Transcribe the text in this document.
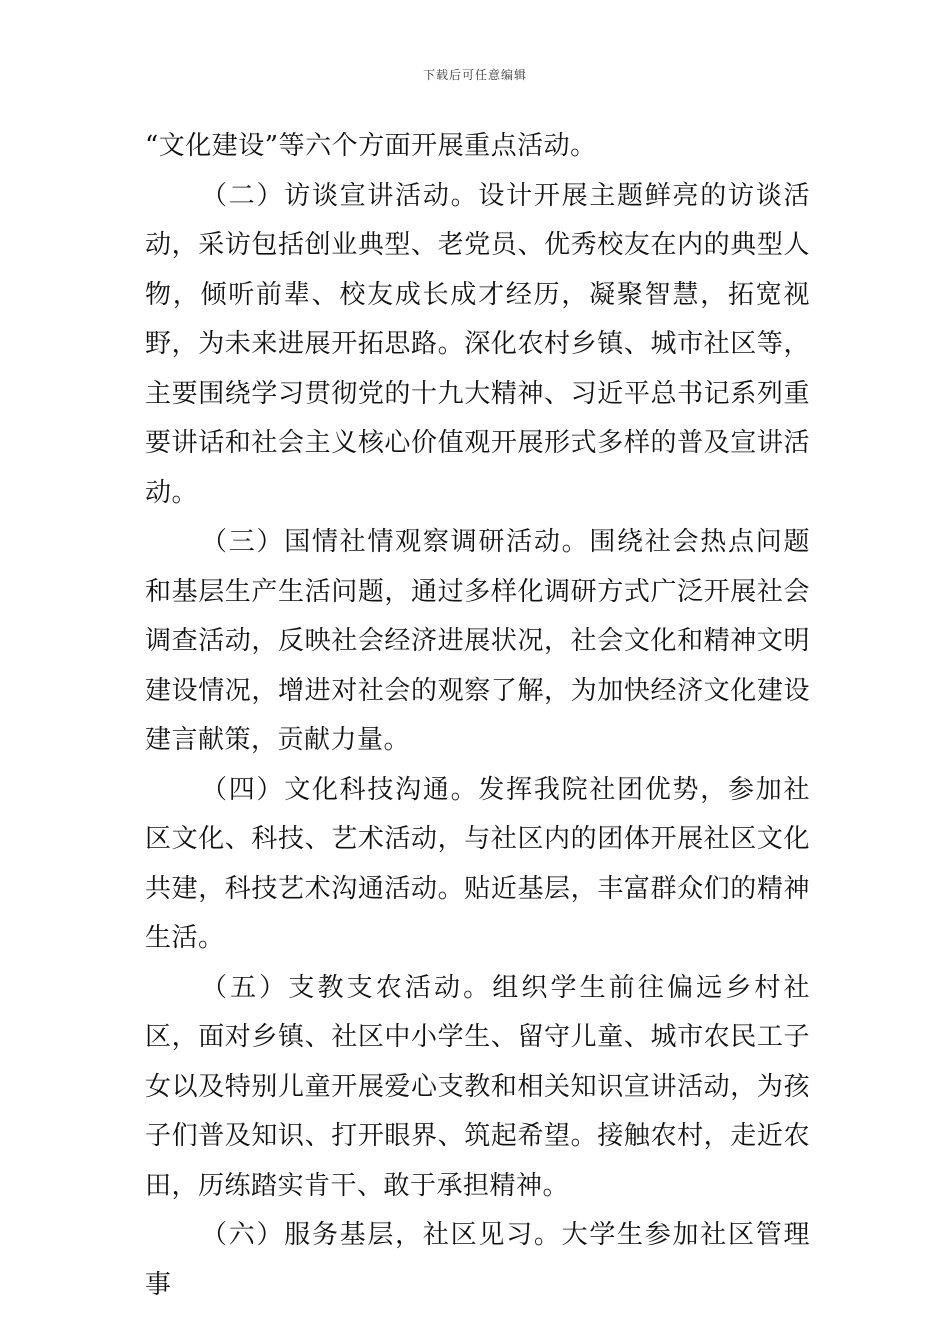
下载后可任意编辑

“文化建设”等六个方面开展重点活动。

（二）访谈宣讲活动。设计开展主题鲜亮的访谈活动，采访包括创业典型、老党员、优秀校友在内的典型人物，倾听前辈、校友成长成才经历，凝聚智慧，拓宽视野，为未来进展开拓思路。深化农村乡镇、城市社区等，主要围绕学习贯彻党的十九大精神、习近平总书记系列重要讲话和社会主义核心价值观开展形式多样的普及宣讲活动。

（三）国情社情观察调研活动。围绕社会热点问题和基层生产生活问题，通过多样化调研方式广泛开展社会调查活动，反映社会经济进展状况，社会文化和精神文明建设情况，增进对社会的观察了解，为加快经济文化建设建言献策，贡献力量。

（四）文化科技沟通。发挥我院社团优势，参加社区文化、科技、艺术活动，与社区内的团体开展社区文化共建，科技艺术沟通活动。贴近基层，丰富群众们的精神生活。

（五）支教支农活动。组织学生前往偏远乡村社区，面对乡镇、社区中小学生、留守儿童、城市农民工子女以及特别儿童开展爱心支教和相关知识宣讲活动，为孩子们普及知识、打开眼界、筑起希望。接触农村，走近农田，历练踏实肯干、敢于承担精神。

（六）服务基层，社区见习。大学生参加社区管理事
